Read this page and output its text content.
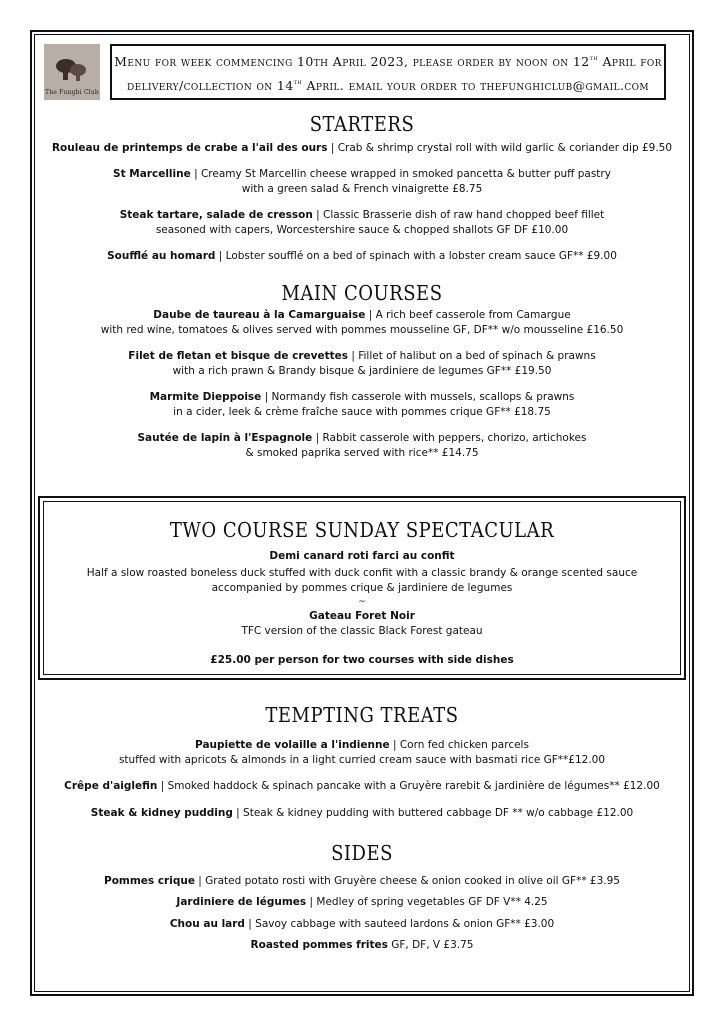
The Funghi Club
Menu for week commencing 10th April 2023, please order by noon on 12th April for
delivery/collection on 14th April. email your order to thefunghiclub@gmail.com
STARTERS
Rouleau de printemps de crabe a l'ail des ours | Crab & shrimp crystal roll with wild garlic & coriander dip £9.50
St Marcelline | Creamy St Marcellin cheese wrapped in smoked pancetta & butter puff pastry
with a green salad & French vinaigrette £8.75
Steak tartare, salade de cresson | Classic Brasserie dish of raw hand chopped beef fillet
seasoned with capers, Worcestershire sauce & chopped shallots GF DF £10.00
Soufflé au homard | Lobster soufflé on a bed of spinach with a lobster cream sauce GF** £9.00
MAIN COURSES
Daube de taureau à la Camarguaise | A rich beef casserole from Camargue
with red wine, tomatoes & olives served with pommes mousseline GF, DF** w/o mousseline £16.50
Filet de fletan et bisque de crevettes | Fillet of halibut on a bed of spinach & prawns
with a rich prawn & Brandy bisque & jardiniere de legumes GF** £19.50
Marmite Dieppoise | Normandy fish casserole with mussels, scallops & prawns
in a cider, leek & crème fraîche sauce with pommes crique GF** £18.75
Sautée de lapin à l'Espagnole | Rabbit casserole with peppers, chorizo, artichokes
& smoked paprika served with rice** £14.75
TWO COURSE SUNDAY SPECTACULAR
Demi canard roti farci au confit
Half a slow roasted boneless duck stuffed with duck confit with a classic brandy & orange scented sauce
accompanied by pommes crique & jardiniere de legumes
~
Gateau Foret Noir
TFC version of the classic Black Forest gateau
£25.00 per person for two courses with side dishes
TEMPTING TREATS
Paupiette de volaille a l'indienne | Corn fed chicken parcels
stuffed with apricots & almonds in a light curried cream sauce with basmati rice GF**£12.00
Crêpe d'aiglefin | Smoked haddock & spinach pancake with a Gruyère rarebit & jardinière de légumes** £12.00
Steak & kidney pudding | Steak & kidney pudding with buttered cabbage DF ** w/o cabbage £12.00
SIDES
Pommes crique | Grated potato rosti with Gruyère cheese & onion cooked in olive oil GF** £3.95
Jardiniere de légumes | Medley of spring vegetables GF DF V** 4.25
Chou au lard | Savoy cabbage with sauteed lardons & onion GF** £3.00
Roasted pommes frites GF, DF, V £3.75
